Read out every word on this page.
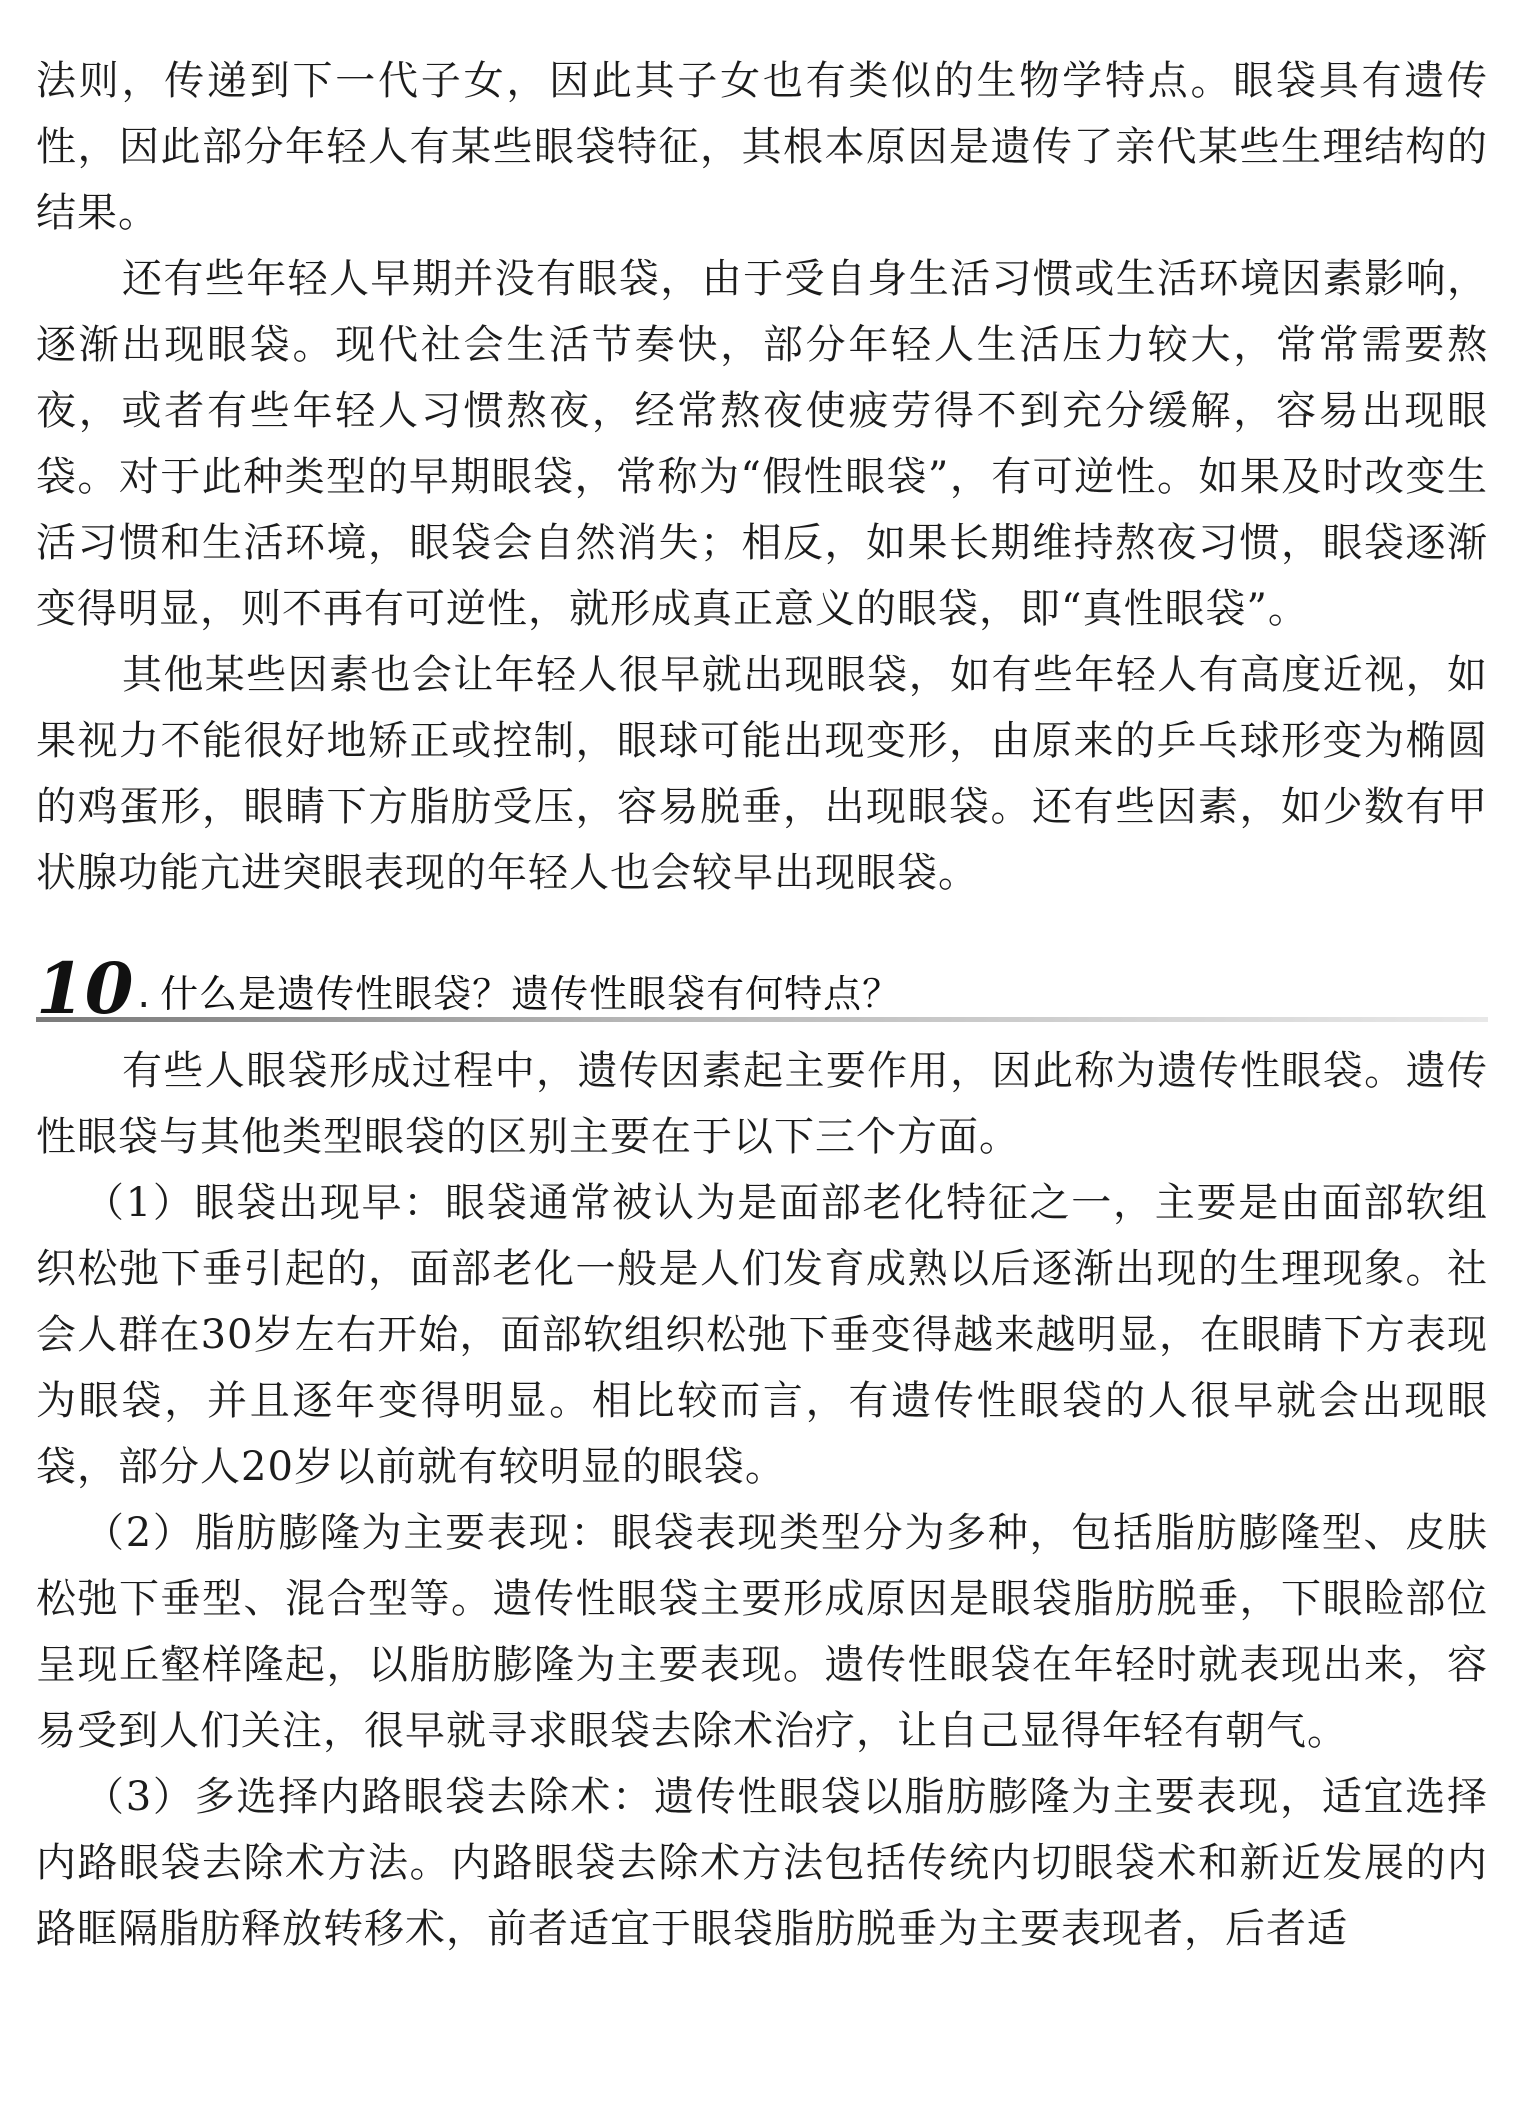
法则，传递到下一代子女，因此其子女也有类似的生物学特点。眼袋具有遗传性，因此部分年轻人有某些眼袋特征，其根本原因是遗传了亲代某些生理结构的结果。

还有些年轻人早期并没有眼袋，由于受自身生活习惯或生活环境因素影响，逐渐出现眼袋。现代社会生活节奏快，部分年轻人生活压力较大，常常需要熬夜，或者有些年轻人习惯熬夜，经常熬夜使疲劳得不到充分缓解，容易出现眼袋。对于此种类型的早期眼袋，常称为“假性眼袋”，有可逆性。如果及时改变生活习惯和生活环境，眼袋会自然消失；相反，如果长期维持熬夜习惯，眼袋逐渐变得明显，则不再有可逆性，就形成真正意义的眼袋，即“真性眼袋”。

其他某些因素也会让年轻人很早就出现眼袋，如有些年轻人有高度近视，如果视力不能很好地矫正或控制，眼球可能出现变形，由原来的乒乓球形变为椭圆的鸡蛋形，眼睛下方脂肪受压，容易脱垂，出现眼袋。还有些因素，如少数有甲状腺功能亢进突眼表现的年轻人也会较早出现眼袋。

10 . 什么是遗传性眼袋？遗传性眼袋有何特点？

有些人眼袋形成过程中，遗传因素起主要作用，因此称为遗传性眼袋。遗传性眼袋与其他类型眼袋的区别主要在于以下三个方面。

（1）眼袋出现早：眼袋通常被认为是面部老化特征之一，主要是由面部软组织松弛下垂引起的，面部老化一般是人们发育成熟以后逐渐出现的生理现象。社会人群在30岁左右开始，面部软组织松弛下垂变得越来越明显，在眼睛下方表现为眼袋，并且逐年变得明显。相比较而言，有遗传性眼袋的人很早就会出现眼袋，部分人20岁以前就有较明显的眼袋。

（2）脂肪膨隆为主要表现：眼袋表现类型分为多种，包括脂肪膨隆型、皮肤松弛下垂型、混合型等。遗传性眼袋主要形成原因是眼袋脂肪脱垂，下眼睑部位呈现丘壑样隆起，以脂肪膨隆为主要表现。遗传性眼袋在年轻时就表现出来，容易受到人们关注，很早就寻求眼袋去除术治疗，让自己显得年轻有朝气。

（3）多选择内路眼袋去除术：遗传性眼袋以脂肪膨隆为主要表现，适宜选择内路眼袋去除术方法。内路眼袋去除术方法包括传统内切眼袋术和新近发展的内路眶隔脂肪释放转移术，前者适宜于眼袋脂肪脱垂为主要表现者，后者适
